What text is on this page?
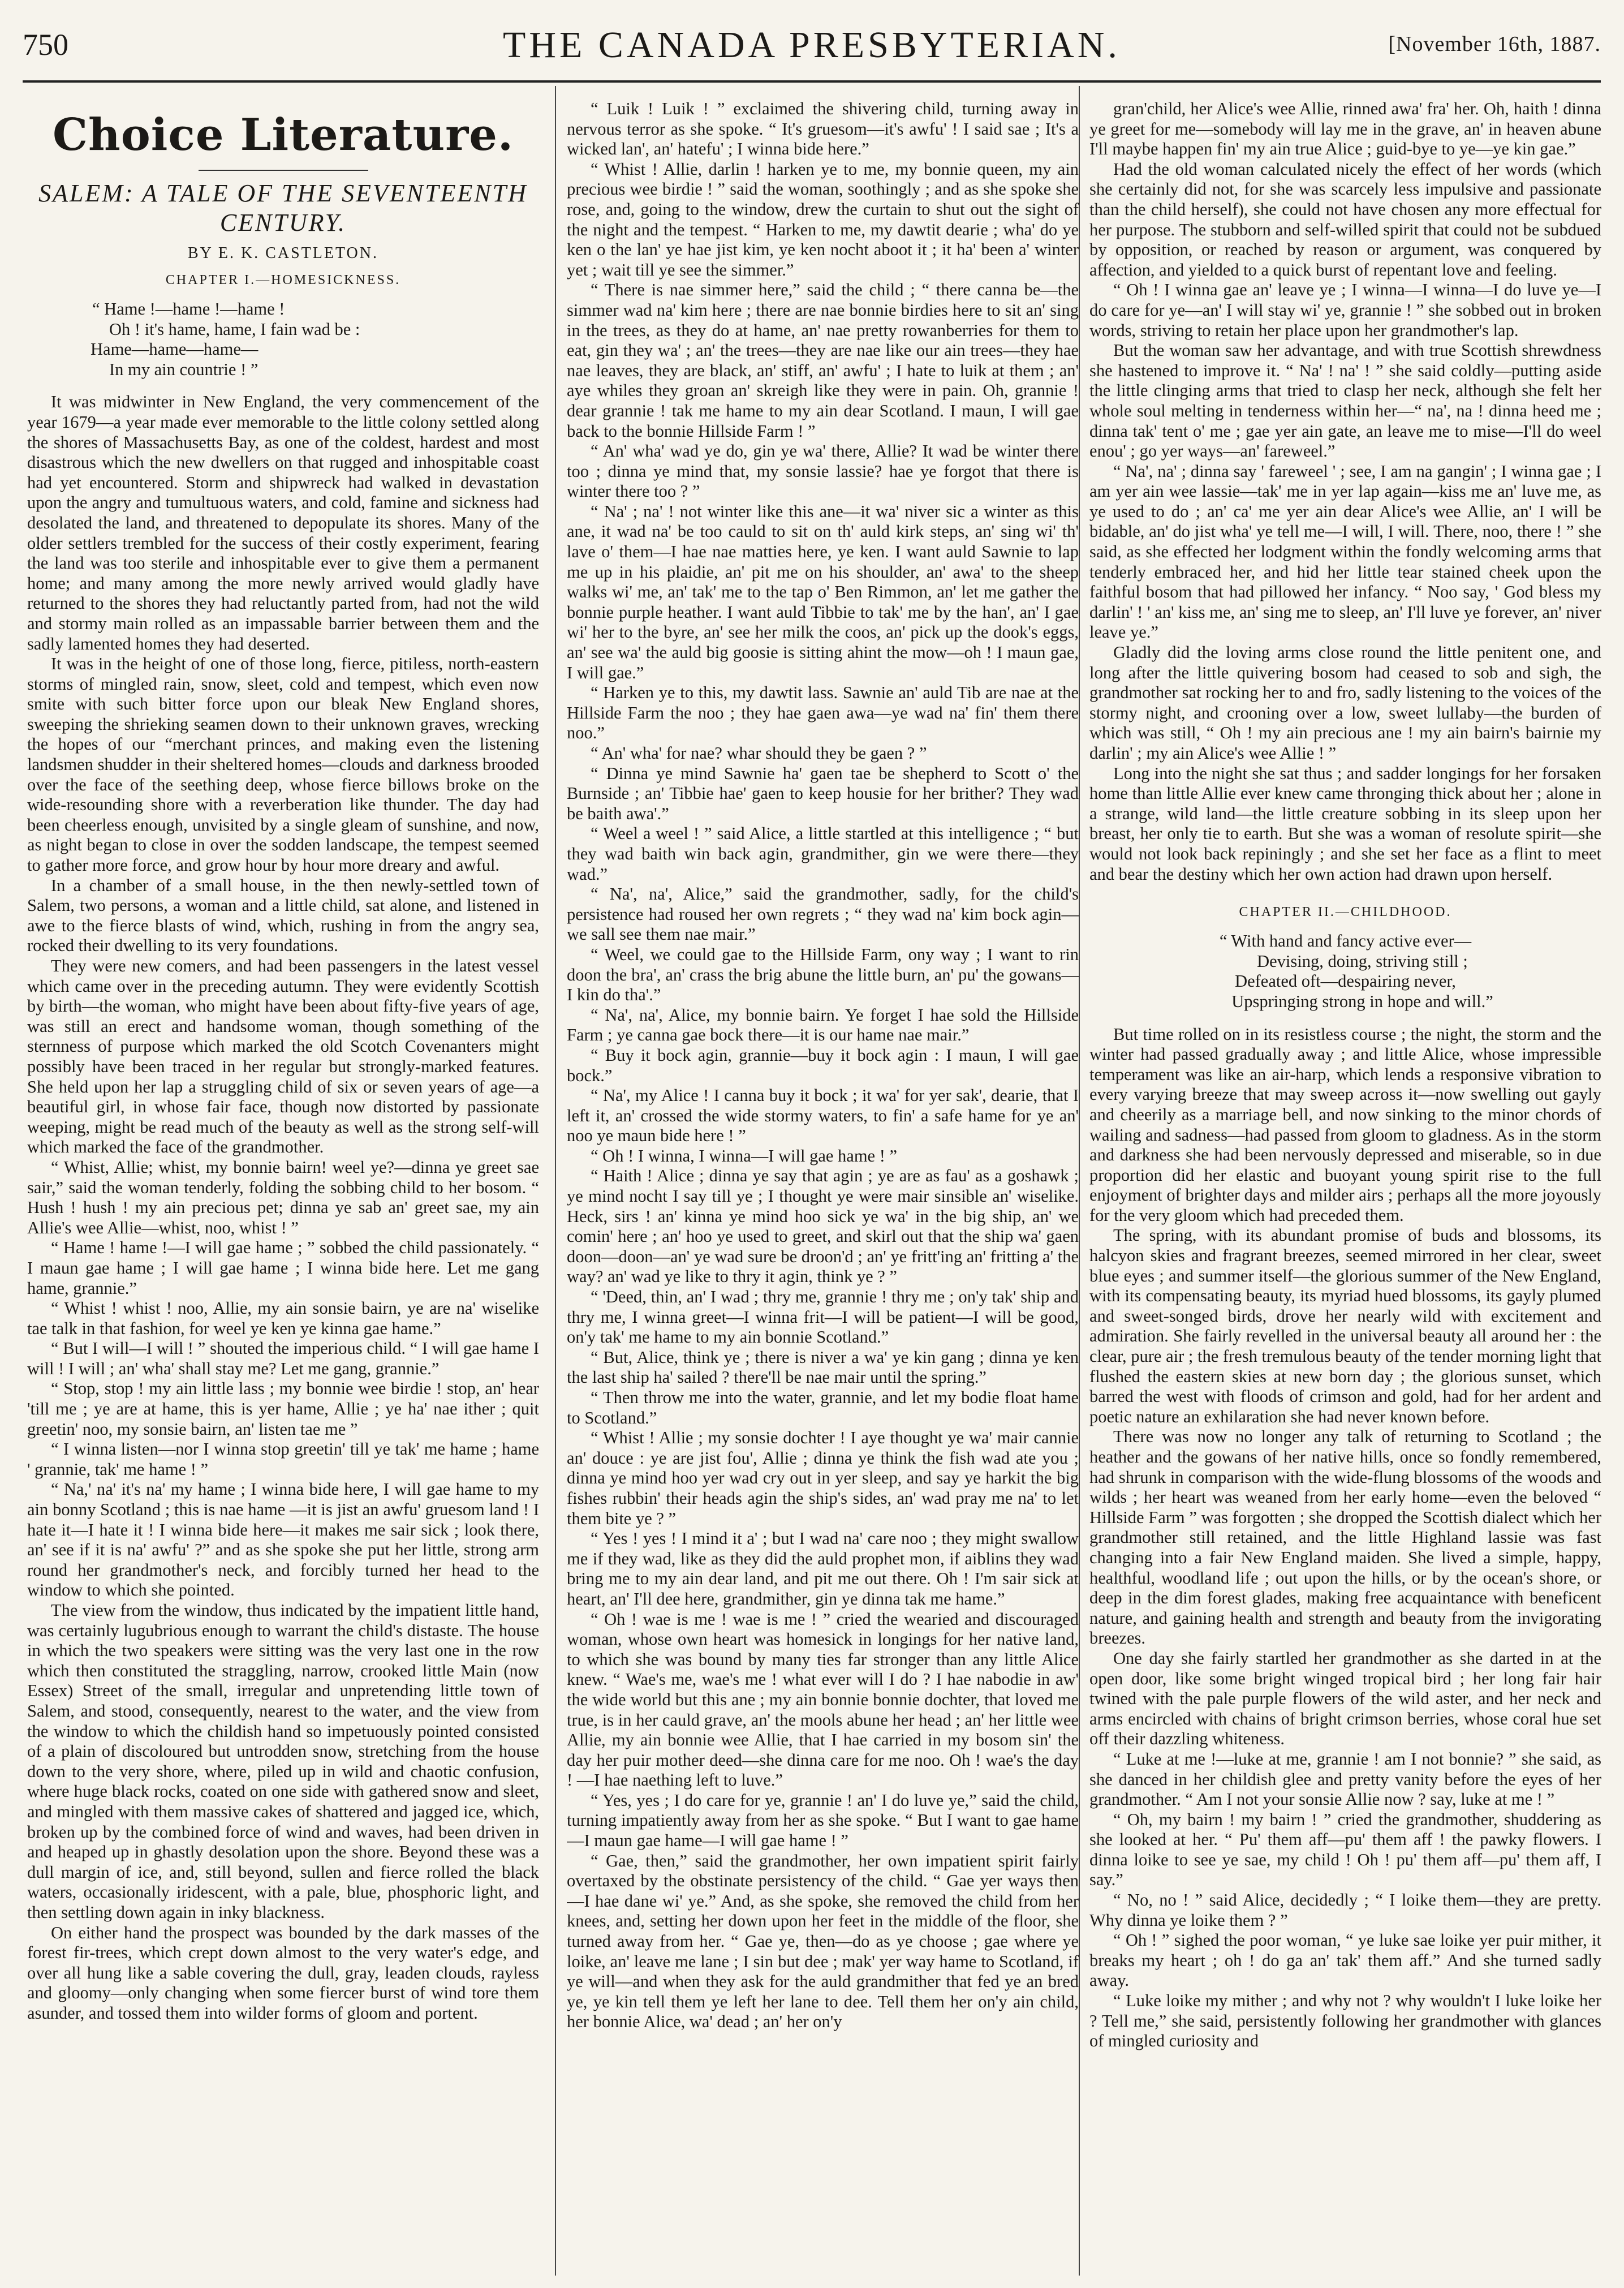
750	THE CANADA PRESBYTERIAN.	[November 16th, 1887.
Choice Literature.
SALEM: A TALE OF THE SEVENTEENTH CENTURY.
BY E. K. CASTLETON.
CHAPTER I.—HOMESICKNESS.
“ Hame !—hame !—hame !
Oh ! it's hame, hame, I fain wad be :
Hame—hame—hame—
In my ain countrie ! ”

It was midwinter in New England, the very commencement of the year 1679—a year made ever memorable to the little colony settled along the shores of Massachusetts Bay, as one of the coldest, hardest and most disastrous which the new dwellers on that rugged and inhospitable coast had yet encountered. Storm and shipwreck had walked in devastation upon the angry and tumultuous waters, and cold, famine and sickness had desolated the land, and threatened to depopulate its shores. Many of the older settlers trembled for the success of their costly experiment, fearing the land was too sterile and inhospitable ever to give them a permanent home; and many among the more newly arrived would gladly have returned to the shores they had reluctantly parted from, had not the wild and stormy main rolled as an impassable barrier between them and the sadly lamented homes they had deserted.

It was in the height of one of those long, fierce, pitiless, north-eastern storms of mingled rain, snow, sleet, cold and tempest, which even now smite with such bitter force upon our bleak New England shores, sweeping the shrieking seamen down to their unknown graves, wrecking the hopes of our “merchant princes, and making even the listening landsmen shudder in their sheltered homes—clouds and darkness brooded over the face of the seething deep, whose fierce billows broke on the wide-resounding shore with a reverberation like thunder. The day had been cheerless enough, unvisited by a single gleam of sunshine, and now, as night began to close in over the sodden landscape, the tempest seemed to gather more force, and grow hour by hour more dreary and awful.

In a chamber of a small house, in the then newly-settled town of Salem, two persons, a woman and a little child, sat alone, and listened in awe to the fierce blasts of wind, which, rushing in from the angry sea, rocked their dwelling to its very foundations.

They were new comers, and had been passengers in the latest vessel which came over in the preceding autumn. They were evidently Scottish by birth—the woman, who might have been about fifty-five years of age, was still an erect and handsome woman, though something of the sternness of purpose which marked the old Scotch Covenanters might possibly have been traced in her regular but strongly-marked features. She held upon her lap a struggling child of six or seven years of age—a beautiful girl, in whose fair face, though now distorted by passionate weeping, might be read much of the beauty as well as the strong self-will which marked the face of the grandmother.

“ Whist, Allie; whist, my bonnie bairn! weel ye?—dinna ye greet sae sair,” said the woman tenderly, folding the sobbing child to her bosom. “ Hush ! hush ! my ain precious pet; dinna ye sab an' greet sae, my ain Allie's wee Allie—whist, noo, whist ! ”

“ Hame ! hame !—I will gae hame ; ” sobbed the child passionately. “ I maun gae hame ; I will gae hame ; I winna bide here. Let me gang hame, grannie.”

“ Whist ! whist ! noo, Allie, my ain sonsie bairn, ye are na' wiselike tae talk in that fashion, for weel ye ken ye kinna gae hame.”

“ But I will—I will ! ” shouted the imperious child. “ I will gae hame I will ! I will ; an' wha' shall stay me? Let me gang, grannie.”

“ Stop, stop ! my ain little lass ; my bonnie wee birdie ! stop, an' hear 'till me ; ye are at hame, this is yer hame, Allie ; ye ha' nae ither ; quit greetin' noo, my sonsie bairn, an' listen tae me ”

“ I winna listen—nor I winna stop greetin' till ye tak' me hame ; hame ' grannie, tak' me hame ! ”

“ Na,' na' it's na' my hame ; I winna bide here, I will gae hame to my ain bonny Scotland ; this is nae hame —it is jist an awfu' gruesom land ! I hate it—I hate it ! I winna bide here—it makes me sair sick ; look there, an' see if it is na' awfu' ?” and as she spoke she put her little, strong arm round her grandmother's neck, and forcibly turned her head to the window to which she pointed.

The view from the window, thus indicated by the impatient little hand, was certainly lugubrious enough to warrant the child's distaste. The house in which the two speakers were sitting was the very last one in the row which then constituted the straggling, narrow, crooked little Main (now Essex) Street of the small, irregular and unpretending little town of Salem, and stood, consequently, nearest to the water, and the view from the window to which the childish hand so impetuously pointed consisted of a plain of discoloured but untrodden snow, stretching from the house down to the very shore, where, piled up in wild and chaotic confusion, where huge black rocks, coated on one side with gathered snow and sleet, and mingled with them massive cakes of shattered and jagged ice, which, broken up by the combined force of wind and waves, had been driven in and heaped up in ghastly desolation upon the shore. Beyond these was a dull margin of ice, and, still beyond, sullen and fierce rolled the black waters, occasionally iridescent, with a pale, blue, phosphoric light, and then settling down again in inky blackness.

On either hand the prospect was bounded by the dark masses of the forest fir-trees, which crept down almost to the very water's edge, and over all hung like a sable covering the dull, gray, leaden clouds, rayless and gloomy—only changing when some fiercer burst of wind tore them asunder, and tossed them into wilder forms of gloom and portent.

“ Luik ! Luik ! ” exclaimed the shivering child, turning away in nervous terror as she spoke. “ It's gruesom—it's awfu' ! I said sae ; It's a wicked lan', an' hatefu' ; I winna bide here.”

“ Whist ! Allie, darlin ! harken ye to me, my bonnie queen, my ain precious wee birdie ! ” said the woman, soothingly ; and as she spoke she rose, and, going to the window, drew the curtain to shut out the sight of the night and the tempest. “ Harken to me, my dawtit dearie ; wha' do ye ken o the lan' ye hae jist kim, ye ken nocht aboot it ; it ha' been a' winter yet ; wait till ye see the simmer.”

“ There is nae simmer here,” said the child ; “ there canna be—the simmer wad na' kim here ; there are nae bonnie birdies here to sit an' sing in the trees, as they do at hame, an' nae pretty rowanberries for them to eat, gin they wa' ; an' the trees—they are nae like our ain trees—they hae nae leaves, they are black, an' stiff, an' awfu' ; I hate to luik at them ; an' aye whiles they groan an' skreigh like they were in pain. Oh, grannie ! dear grannie ! tak me hame to my ain dear Scotland. I maun, I will gae back to the bonnie Hillside Farm ! ”

“ An' wha' wad ye do, gin ye wa' there, Allie? It wad be winter there too ; dinna ye mind that, my sonsie lassie? hae ye forgot that there is winter there too ? ”

“ Na' ; na' ! not winter like this ane—it wa' niver sic a winter as this ane, it wad na' be too cauld to sit on th' auld kirk steps, an' sing wi' th' lave o' them—I hae nae matties here, ye ken. I want auld Sawnie to lap me up in his plaidie, an' pit me on his shoulder, an' awa' to the sheep walks wi' me, an' tak' me to the tap o' Ben Rimmon, an' let me gather the bonnie purple heather. I want auld Tibbie to tak' me by the han', an' I gae wi' her to the byre, an' see her milk the coos, an' pick up the dook's eggs, an' see wa' the auld big goosie is sitting ahint the mow—oh ! I maun gae, I will gae.”

“ Harken ye to this, my dawtit lass. Sawnie an' auld Tib are nae at the Hillside Farm the noo ; they hae gaen awa—ye wad na' fin' them there noo.”

“ An' wha' for nae? whar should they be gaen ? ”

“ Dinna ye mind Sawnie ha' gaen tae be shepherd to Scott o' the Burnside ; an' Tibbie hae' gaen to keep housie for her brither? They wad be baith awa'.”

“ Weel a weel ! ” said Alice, a little startled at this intelligence ; “ but they wad baith win back agin, grandmither, gin we were there—they wad.”

“ Na', na', Alice,” said the grandmother, sadly, for the child's persistence had roused her own regrets ; “ they wad na' kim bock agin—we sall see them nae mair.”

“ Weel, we could gae to the Hillside Farm, ony way ; I want to rin doon the bra', an' crass the brig abune the little burn, an' pu' the gowans—I kin do tha'.”

“ Na', na', Alice, my bonnie bairn. Ye forget I hae sold the Hillside Farm ; ye canna gae bock there—it is our hame nae mair.”

“ Buy it bock agin, grannie—buy it bock agin : I maun, I will gae bock.”

“ Na', my Alice ! I canna buy it bock ; it wa' for yer sak', dearie, that I left it, an' crossed the wide stormy waters, to fin' a safe hame for ye an' noo ye maun bide here ! ”

“ Oh ! I winna, I winna—I will gae hame ! ”

“ Haith ! Alice ; dinna ye say that agin ; ye are as fau' as a goshawk ; ye mind nocht I say till ye ; I thought ye were mair sinsible an' wiselike. Heck, sirs ! an' kinna ye mind hoo sick ye wa' in the big ship, an' we comin' here ; an' hoo ye used to greet, and skirl out that the ship wa' gaen doon—doon—an' ye wad sure be droon'd ; an' ye fritt'ing an' fritting a' the way? an' wad ye like to thry it agin, think ye ? ”

“ 'Deed, thin, an' I wad ; thry me, grannie ! thry me ; on'y tak' ship and thry me, I winna greet—I winna frit—I will be patient—I will be good, on'y tak' me hame to my ain bonnie Scotland.”

“ But, Alice, think ye ; there is niver a wa' ye kin gang ; dinna ye ken the last ship ha' sailed ? there'll be nae mair until the spring.”

“ Then throw me into the water, grannie, and let my bodie float hame to Scotland.”

“ Whist ! Allie ; my sonsie dochter ! I aye thought ye wa' mair cannie an' douce : ye are jist fou', Allie ; dinna ye think the fish wad ate you ; dinna ye mind hoo yer wad cry out in yer sleep, and say ye harkit the big fishes rubbin' their heads agin the ship's sides, an' wad pray me na' to let them bite ye ? ”

“ Yes ! yes ! I mind it a' ; but I wad na' care noo ; they might swallow me if they wad, like as they did the auld prophet mon, if aiblins they wad bring me to my ain dear land, and pit me out there. Oh ! I'm sair sick at heart, an' I'll dee here, grandmither, gin ye dinna tak me hame.”

“ Oh ! wae is me ! wae is me ! ” cried the wearied and discouraged woman, whose own heart was homesick in longings for her native land, to which she was bound by many ties far stronger than any little Alice knew. “ Wae's me, wae's me ! what ever will I do ? I hae nabodie in aw' the wide world but this ane ; my ain bonnie bonnie dochter, that loved me true, is in her cauld grave, an' the mools abune her head ; an' her little wee Allie, my ain bonnie wee Allie, that I hae carried in my bosom sin' the day her puir mother deed—she dinna care for me noo. Oh ! wae's the day ! —I hae naething left to luve.”

“ Yes, yes ; I do care for ye, grannie ! an' I do luve ye,” said the child, turning impatiently away from her as she spoke. “ But I want to gae hame—I maun gae hame—I will gae hame ! ”

“ Gae, then,” said the grandmother, her own impatient spirit fairly overtaxed by the obstinate persistency of the child. “ Gae yer ways then—I hae dane wi' ye.” And, as she spoke, she removed the child from her knees, and, setting her down upon her feet in the middle of the floor, she turned away from her. “ Gae ye, then—do as ye choose ; gae where ye loike, an' leave me lane ; I sin but dee ; mak' yer way hame to Scotland, if ye will—and when they ask for the auld grandmither that fed ye an bred ye, ye kin tell them ye left her lane to dee. Tell them her on'y ain child, her bonnie Alice, wa' dead ; an' her on'y

gran'child, her Alice's wee Allie, rinned awa' fra' her. Oh, haith ! dinna ye greet for me—somebody will lay me in the grave, an' in heaven abune I'll maybe happen fin' my ain true Alice ; guid-bye to ye—ye kin gae.”

Had the old woman calculated nicely the effect of her words (which she certainly did not, for she was scarcely less impulsive and passionate than the child herself), she could not have chosen any more effectual for her purpose. The stubborn and self-willed spirit that could not be subdued by opposition, or reached by reason or argument, was conquered by affection, and yielded to a quick burst of repentant love and feeling.

“ Oh ! I winna gae an' leave ye ; I winna—I winna—I do luve ye—I do care for ye—an' I will stay wi' ye, grannie ! ” she sobbed out in broken words, striving to retain her place upon her grandmother's lap.

But the woman saw her advantage, and with true Scottish shrewdness she hastened to improve it. “ Na' ! na' ! ” she said coldly—putting aside the little clinging arms that tried to clasp her neck, although she felt her whole soul melting in tenderness within her—“ na', na ! dinna heed me ; dinna tak' tent o' me ; gae yer ain gate, an leave me to mise—I'll do weel enou' ; go yer ways—an' fareweel.”

“ Na', na' ; dinna say ' fareweel ' ; see, I am na gangin' ; I winna gae ; I am yer ain wee lassie—tak' me in yer lap again—kiss me an' luve me, as ye used to do ; an' ca' me yer ain dear Alice's wee Allie, an' I will be bidable, an' do jist wha' ye tell me—I will, I will. There, noo, there ! ” she said, as she effected her lodgment within the fondly welcoming arms that tenderly embraced her, and hid her little tear stained cheek upon the faithful bosom that had pillowed her infancy. “ Noo say, ' God bless my darlin' ! ' an' kiss me, an' sing me to sleep, an' I'll luve ye forever, an' niver leave ye.”

Gladly did the loving arms close round the little penitent one, and long after the little quivering bosom had ceased to sob and sigh, the grandmother sat rocking her to and fro, sadly listening to the voices of the stormy night, and crooning over a low, sweet lullaby—the burden of which was still, “ Oh ! my ain precious ane ! my ain bairn's bairnie my darlin' ; my ain Alice's wee Allie ! ”

Long into the night she sat thus ; and sadder longings for her forsaken home than little Allie ever knew came thronging thick about her ; alone in a strange, wild land—the little creature sobbing in its sleep upon her breast, her only tie to earth. But she was a woman of resolute spirit—she would not look back repiningly ; and she set her face as a flint to meet and bear the destiny which her own action had drawn upon herself.

CHAPTER II.—CHILDHOOD.
“ With hand and fancy active ever—
Devising, doing, striving still ;
Defeated oft—despairing never,
Upspringing strong in hope and will.”

But time rolled on in its resistless course ; the night, the storm and the winter had passed gradually away ; and little Alice, whose impressible temperament was like an air-harp, which lends a responsive vibration to every varying breeze that may sweep across it—now swelling out gayly and cheerily as a marriage bell, and now sinking to the minor chords of wailing and sadness—had passed from gloom to gladness. As in the storm and darkness she had been nervously depressed and miserable, so in due proportion did her elastic and buoyant young spirit rise to the full enjoyment of brighter days and milder airs ; perhaps all the more joyously for the very gloom which had preceded them.

The spring, with its abundant promise of buds and blossoms, its halcyon skies and fragrant breezes, seemed mirrored in her clear, sweet blue eyes ; and summer itself—the glorious summer of the New England, with its compensating beauty, its myriad hued blossoms, its gayly plumed and sweet-songed birds, drove her nearly wild with excitement and admiration. She fairly revelled in the universal beauty all around her : the clear, pure air ; the fresh tremulous beauty of the tender morning light that flushed the eastern skies at new born day ; the glorious sunset, which barred the west with floods of crimson and gold, had for her ardent and poetic nature an exhilaration she had never known before.

There was now no longer any talk of returning to Scotland ; the heather and the gowans of her native hills, once so fondly remembered, had shrunk in comparison with the wide-flung blossoms of the woods and wilds ; her heart was weaned from her early home—even the beloved “ Hillside Farm ” was forgotten ; she dropped the Scottish dialect which her grandmother still retained, and the little Highland lassie was fast changing into a fair New England maiden. She lived a simple, happy, healthful, woodland life ; out upon the hills, or by the ocean's shore, or deep in the dim forest glades, making free acquaintance with beneficent nature, and gaining health and strength and beauty from the invigorating breezes.

One day she fairly startled her grandmother as she darted in at the open door, like some bright winged tropical bird ; her long fair hair twined with the pale purple flowers of the wild aster, and her neck and arms encircled with chains of bright crimson berries, whose coral hue set off their dazzling whiteness.

“ Luke at me !—luke at me, grannie ! am I not bonnie? ” she said, as she danced in her childish glee and pretty vanity before the eyes of her grandmother. “ Am I not your sonsie Allie now ? say, luke at me ! ”

“ Oh, my bairn ! my bairn ! ” cried the grandmother, shuddering as she looked at her. “ Pu' them aff—pu' them aff ! the pawky flowers. I dinna loike to see ye sae, my child ! Oh ! pu' them aff—pu' them aff, I say.”

“ No, no ! ” said Alice, decidedly ; “ I loike them—they are pretty. Why dinna ye loike them ? ”

“ Oh ! ” sighed the poor woman, “ ye luke sae loike yer puir mither, it breaks my heart ; oh ! do ga an' tak' them aff.” And she turned sadly away.

“ Luke loike my mither ; and why not ? why wouldn't I luke loike her ? Tell me,” she said, persistently following her grandmother with glances of mingled curiosity and
